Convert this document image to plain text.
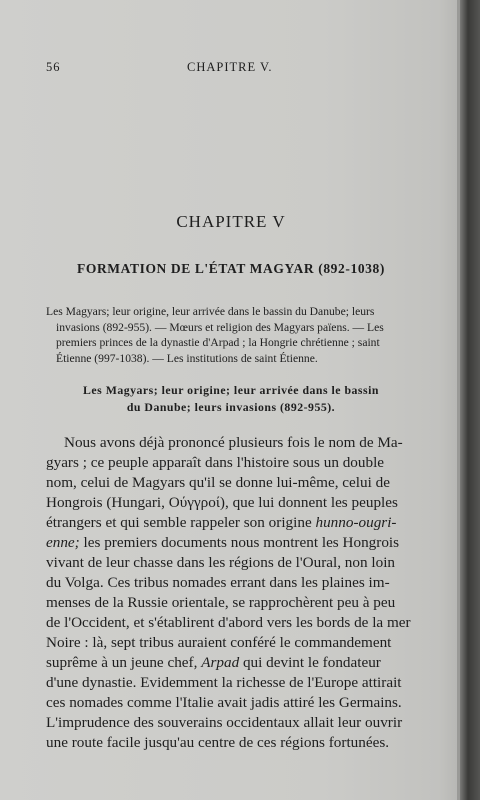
56	CHAPITRE V.
CHAPITRE V
FORMATION DE L'ÉTAT MAGYAR (892-1038)
Les Magyars; leur origine, leur arrivée dans le bassin du Danube; leurs
invasions (892-955). — Mœurs et religion des Magyars païens. — Les
premiers princes de la dynastie d'Arpad ; la Hongrie chrétienne ; saint
Étienne (997-1038). — Les institutions de saint Étienne.
Les Magyars; leur origine; leur arrivée dans le bassin
du Danube; leurs invasions (892-955).
Nous avons déjà prononcé plusieurs fois le nom de Ma-
gyars ; ce peuple apparaît dans l'histoire sous un double
nom, celui de Magyars qu'il se donne lui-même, celui de
Hongrois (Hungari, Ούγγροί), que lui donnent les peuples
étrangers et qui semble rappeler son origine hunno-ougri-
enne; les premiers documents nous montrent les Hongrois
vivant de leur chasse dans les régions de l'Oural, non loin
du Volga. Ces tribus nomades errant dans les plaines im-
menses de la Russie orientale, se rapprochèrent peu à peu
de l'Occident, et s'établirent d'abord vers les bords de la mer
Noire : là, sept tribus auraient conféré le commandement
suprême à un jeune chef, Arpad qui devint le fondateur
d'une dynastie. Evidemment la richesse de l'Europe attirait
ces nomades comme l'Italie avait jadis attiré les Germains.
L'imprudence des souverains occidentaux allait leur ouvrir
une route facile jusqu'au centre de ces régions fortunées.
